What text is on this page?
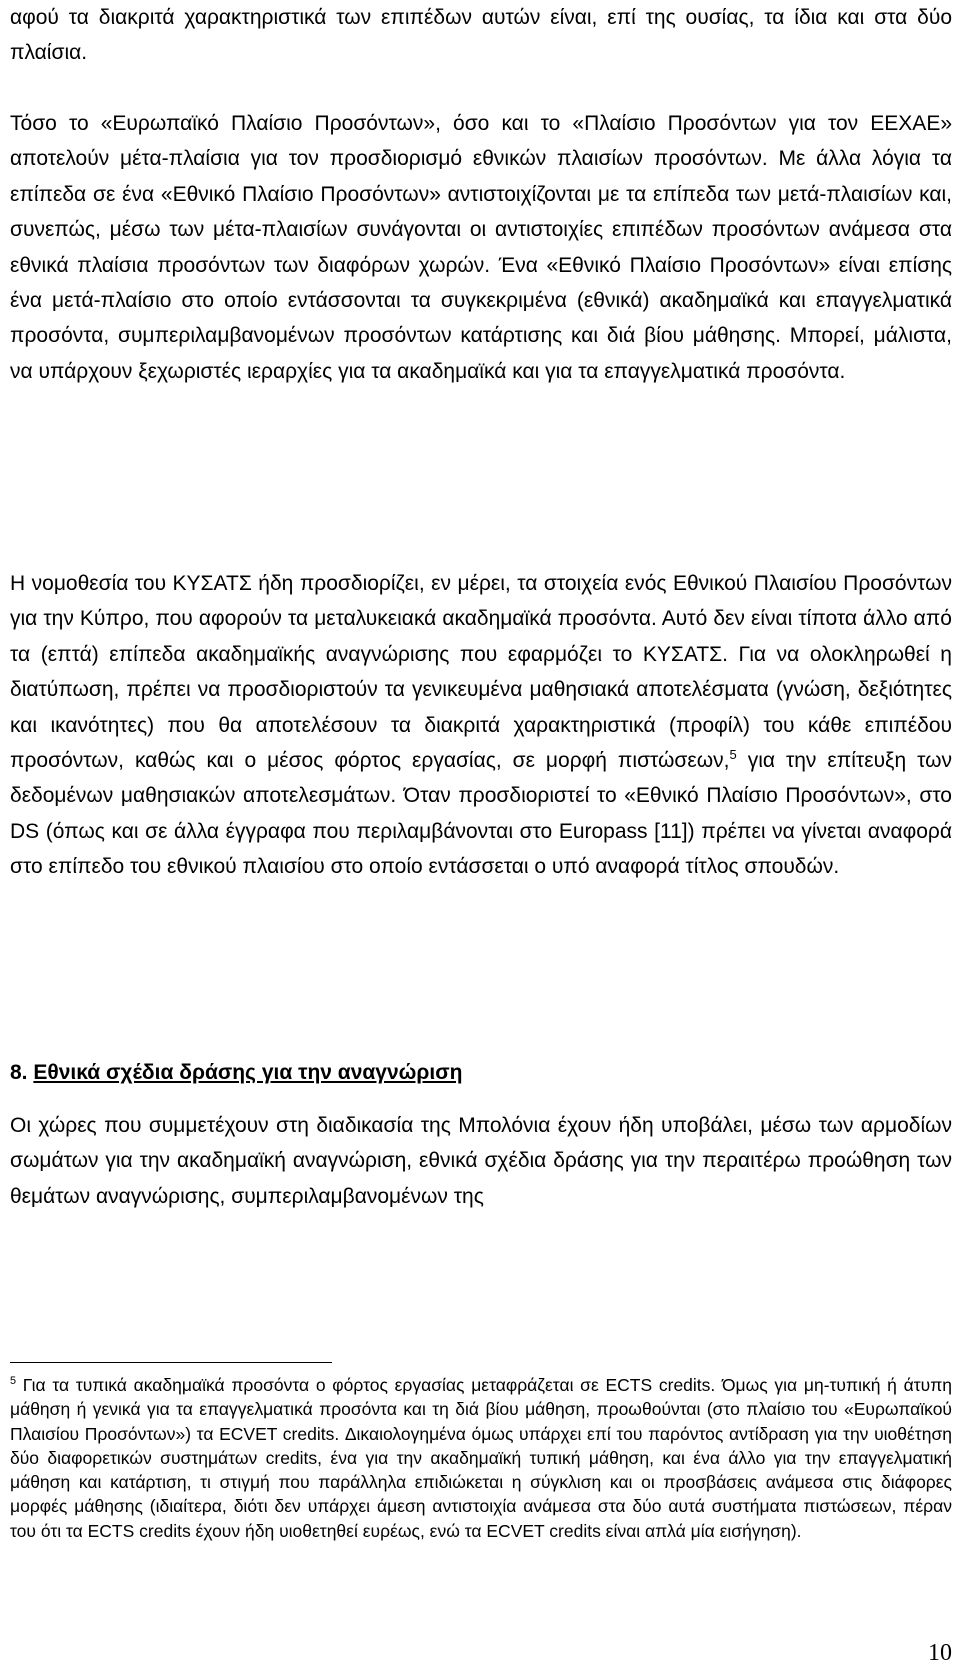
αφού τα διακριτά χαρακτηριστικά των επιπέδων αυτών είναι, επί της ουσίας, τα ίδια και στα δύο πλαίσια.

Τόσο το «Ευρωπαϊκό Πλαίσιο Προσόντων», όσο και το «Πλαίσιο Προσόντων για τον ΕΕΧΑΕ» αποτελούν μέτα-πλαίσια για τον προσδιορισμό εθνικών πλαισίων προσόντων. Με άλλα λόγια τα επίπεδα σε ένα «Εθνικό Πλαίσιο Προσόντων» αντιστοιχίζονται με τα επίπεδα των μετά-πλαισίων και, συνεπώς, μέσω των μέτα-πλαισίων συνάγονται οι αντιστοιχίες επιπέδων προσόντων ανάμεσα στα εθνικά πλαίσια προσόντων των διαφόρων χωρών. Ένα «Εθνικό Πλαίσιο Προσόντων» είναι επίσης ένα μετά-πλαίσιο στο οποίο εντάσσονται τα συγκεκριμένα (εθνικά) ακαδημαϊκά και επαγγελματικά προσόντα, συμπεριλαμβανομένων προσόντων κατάρτισης και διά βίου μάθησης. Μπορεί, μάλιστα, να υπάρχουν ξεχωριστές ιεραρχίες για τα ακαδημαϊκά και για τα επαγγελματικά προσόντα.

Η νομοθεσία του ΚΥΣΑΤΣ ήδη προσδιορίζει, εν μέρει, τα στοιχεία ενός Εθνικού Πλαισίου Προσόντων για την Κύπρο, που αφορούν τα μεταλυκειακά ακαδημαϊκά προσόντα. Αυτό δεν είναι τίποτα άλλο από τα (επτά) επίπεδα ακαδημαϊκής αναγνώρισης που εφαρμόζει το ΚΥΣΑΤΣ. Για να ολοκληρωθεί η διατύπωση, πρέπει να προσδιοριστούν τα γενικευμένα μαθησιακά αποτελέσματα (γνώση, δεξιότητες και ικανότητες) που θα αποτελέσουν τα διακριτά χαρακτηριστικά (προφίλ) του κάθε επιπέδου προσόντων, καθώς και ο μέσος φόρτος εργασίας, σε μορφή πιστώσεων,$^5$ για την επίτευξη των δεδομένων μαθησιακών αποτελεσμάτων. Όταν προσδιοριστεί το «Εθνικό Πλαίσιο Προσόντων», στο DS (όπως και σε άλλα έγγραφα που περιλαμβάνονται στο Europass [11]) πρέπει να γίνεται αναφορά στο επίπεδο του εθνικού πλαισίου στο οποίο εντάσσεται ο υπό αναφορά τίτλος σπουδών.

8. Εθνικά σχέδια δράσης για την αναγνώριση

Οι χώρες που συμμετέχουν στη διαδικασία της Μπολόνια έχουν ήδη υποβάλει, μέσω των αρμοδίων σωμάτων για την ακαδημαϊκή αναγνώριση, εθνικά σχέδια δράσης για την περαιτέρω προώθηση των θεμάτων αναγνώρισης, συμπεριλαμβανομένων της

$^5$ Για τα τυπικά ακαδημαϊκά προσόντα ο φόρτος εργασίας μεταφράζεται σε ECTS credits. Όμως για μη-τυπική ή άτυπη μάθηση ή γενικά για τα επαγγελματικά προσόντα και τη διά βίου μάθηση, προωθούνται (στο πλαίσιο του «Ευρωπαϊκού Πλαισίου Προσόντων») τα ECVET credits. Δικαιολογημένα όμως υπάρχει επί του παρόντος αντίδραση για την υιοθέτηση δύο διαφορετικών συστημάτων credits, ένα για την ακαδημαϊκή τυπική μάθηση, και ένα άλλο για την επαγγελματική μάθηση και κατάρτιση, τι στιγμή που παράλληλα επιδιώκεται η σύγκλιση και οι προσβάσεις ανάμεσα στις διάφορες μορφές μάθησης (ιδιαίτερα, διότι δεν υπάρχει άμεση αντιστοιχία ανάμεσα στα δύο αυτά συστήματα πιστώσεων, πέραν του ότι τα ECTS credits έχουν ήδη υιοθετηθεί ευρέως, ενώ τα ECVET credits είναι απλά μία εισήγηση).

10
